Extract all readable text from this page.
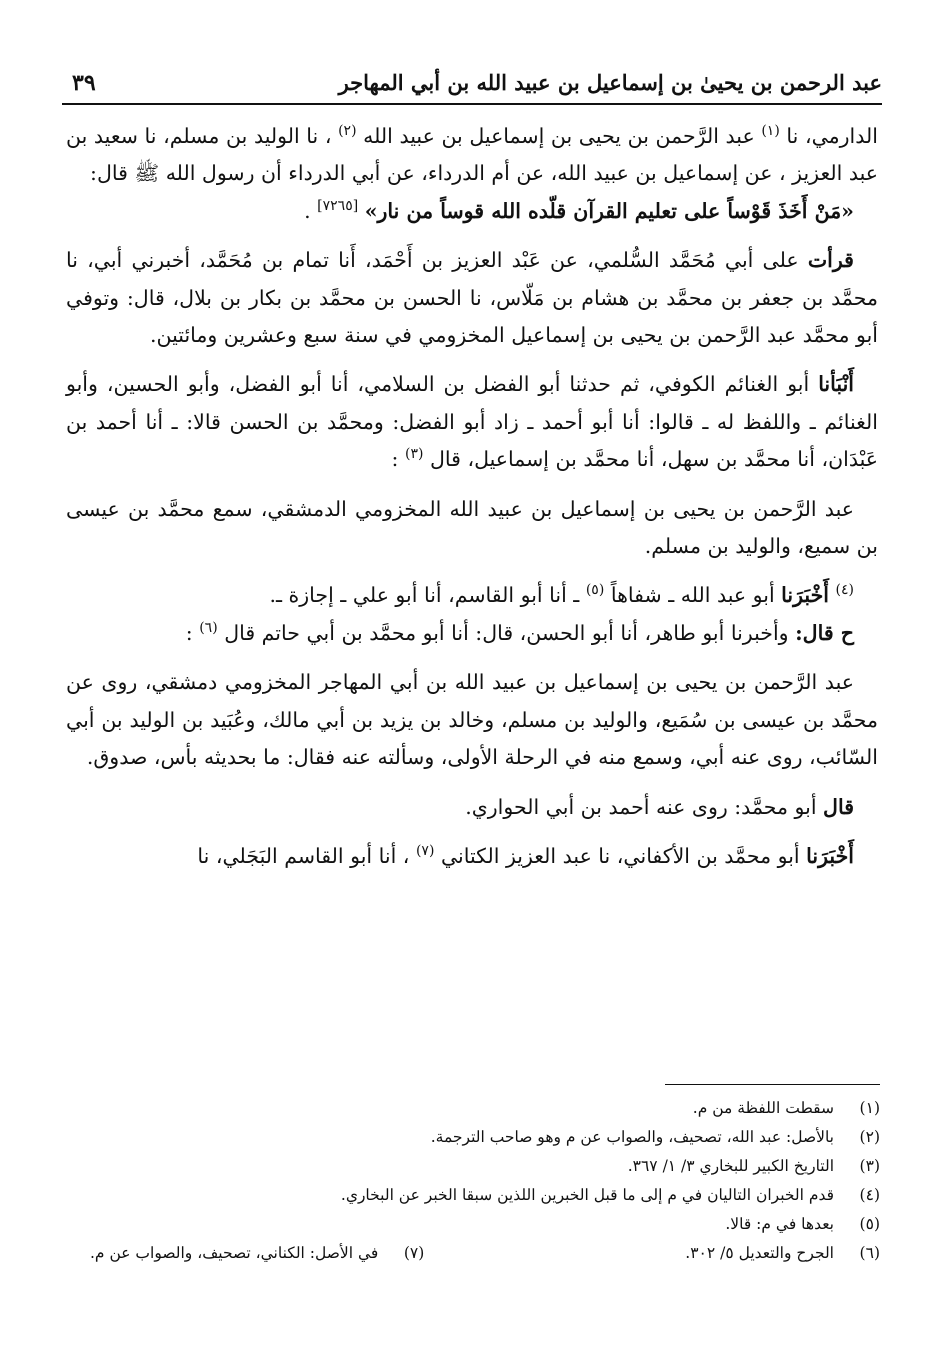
عبد الرحمن بن يحيىٰ بن إسماعيل بن عبيد الله بن أبي المهاجر
٣٩

الدارمي، نا $^{(١)}$ عبد الرَّحمن بن يحيى بن إسماعيل بن عبيد الله $^{(٢)}$ ، نا الوليد بن مسلم، نا سعيد بن عبد العزيز ، عن إسماعيل بن عبيد الله، عن أم الدرداء، عن أبي الدرداء أن رسول الله ﷺ قال:

«مَنْ أَخَذَ قَوْساً على تعليم القرآن قلّده الله قوساً من نار» [٧٢٦٥] .

قرأت على أبي مُحَمَّد السُّلمي، عن عَبْد العزيز بن أَحْمَد، أَنا تمام بن مُحَمَّد، أخبرني أبي، نا محمَّد بن جعفر بن محمَّد بن هشام بن مَلّاس، نا الحسن بن محمَّد بن بكار بن بلال، قال: وتوفي أبو محمَّد عبد الرَّحمن بن يحيى بن إسماعيل المخزومي في سنة سبع وعشرين ومائتين.

أَنْبَأنا أبو الغنائم الكوفي، ثم حدثنا أبو الفضل بن السلامي، أنا أبو الفضل، وأبو الحسين، وأبو الغنائم ـ واللفظ له ـ قالوا: أنا أبو أحمد ـ زاد أبو الفضل: ومحمَّد بن الحسن قالا: ـ أنا أحمد بن عَبْدَان، أنا محمَّد بن سهل، أنا محمَّد بن إسماعيل، قال $^{(٣)}$ :

عبد الرَّحمن بن يحيى بن إسماعيل بن عبيد الله المخزومي الدمشقي، سمع محمَّد بن عيسى بن سميع، والوليد بن مسلم.

$^{(٤)}$ أَخْبَرَنا أبو عبد الله ـ شفاهاً $^{(٥)}$ ـ أنا أبو القاسم، أنا أبو علي ـ إجازة ـ.

ح قال: وأخبرنا أبو طاهر، أنا أبو الحسن، قال: أنا أبو محمَّد بن أبي حاتم قال $^{(٦)}$ :

عبد الرَّحمن بن يحيى بن إسماعيل بن عبيد الله بن أبي المهاجر المخزومي دمشقي، روى عن محمَّد بن عيسى بن سُمَيع، والوليد بن مسلم، وخالد بن يزيد بن أبي مالك، وعُبَيد بن الوليد بن أبي السّائب، روى عنه أبي، وسمع منه في الرحلة الأولى، وسألته عنه فقال: ما بحديثه بأس، صدوق.

قال أبو محمَّد: روى عنه أحمد بن أبي الحواري.

أَخْبَرَنا أبو محمَّد بن الأكفاني، نا عبد العزيز الكتاني $^{(٧)}$ ، أنا أبو القاسم البَجَلي، نا

(١)سقطت اللفظة من م.
(٢)بالأصل: عبد الله، تصحيف، والصواب عن م وهو صاحب الترجمة.
(٣)التاريخ الكبير للبخاري ٣/ ١/ ٣٦٧.
(٤)قدم الخبران التاليان في م إلى ما قبل الخبرين اللذين سبقا الخبر عن البخاري.
(٥)بعدها في م: قالا.
(٦)الجرح والتعديل ٥/ ٣٠٢.
(٧)في الأصل: الكناني، تصحيف، والصواب عن م.
